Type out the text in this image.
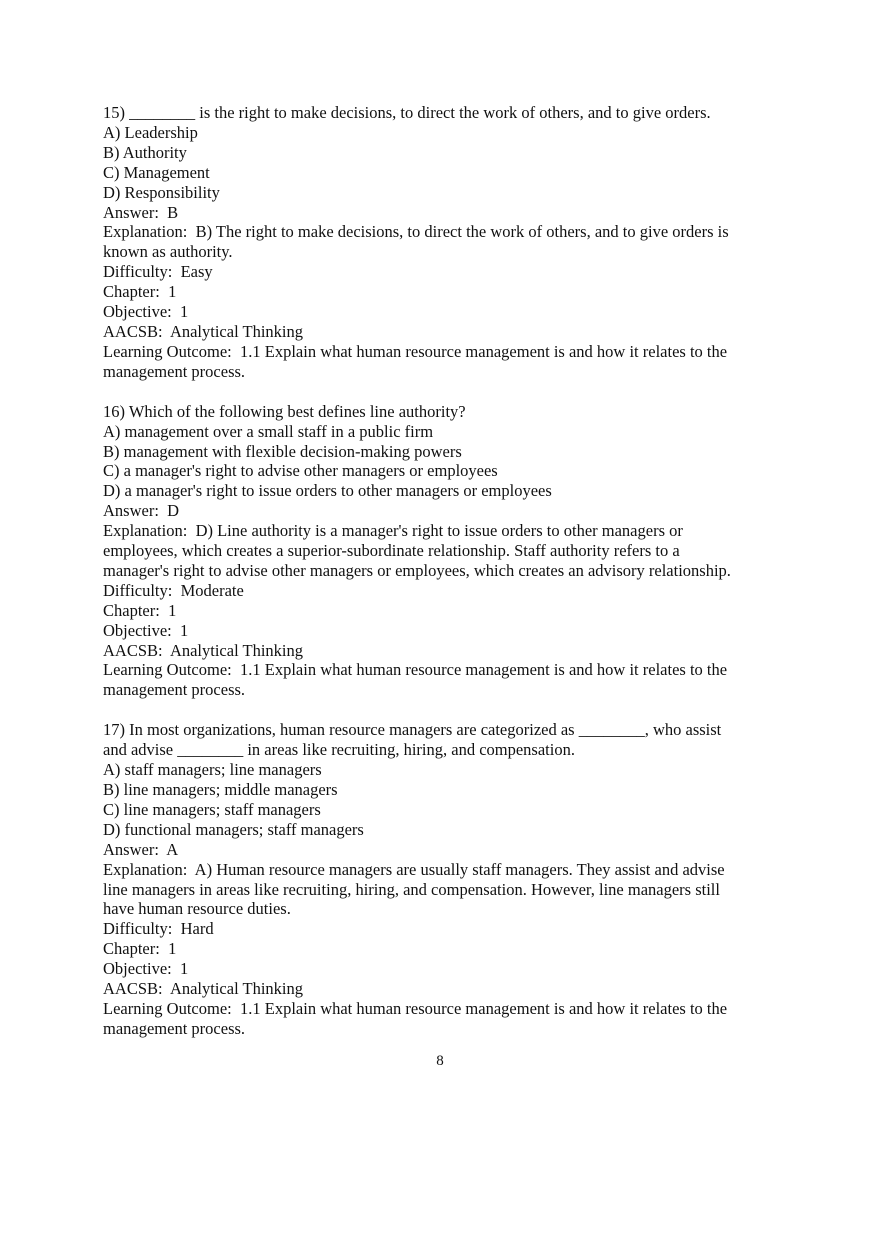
15) ________ is the right to make decisions, to direct the work of others, and to give orders.

A) Leadership

B) Authority

C) Management

D) Responsibility

Answer:  B

Explanation:  B) The right to make decisions, to direct the work of others, and to give orders is

known as authority.

Difficulty:  Easy

Chapter:  1

Objective:  1

AACSB:  Analytical Thinking

Learning Outcome:  1.1 Explain what human resource management is and how it relates to the

management process.

16) Which of the following best defines line authority?

A) management over a small staff in a public firm

B) management with flexible decision-making powers

C) a manager's right to advise other managers or employees

D) a manager's right to issue orders to other managers or employees

Answer:  D

Explanation:  D) Line authority is a manager's right to issue orders to other managers or

employees, which creates a superior-subordinate relationship. Staff authority refers to a

manager's right to advise other managers or employees, which creates an advisory relationship.

Difficulty:  Moderate

Chapter:  1

Objective:  1

AACSB:  Analytical Thinking

Learning Outcome:  1.1 Explain what human resource management is and how it relates to the

management process.

17) In most organizations, human resource managers are categorized as ________, who assist

and advise ________ in areas like recruiting, hiring, and compensation.

A) staff managers; line managers

B) line managers; middle managers

C) line managers; staff managers

D) functional managers; staff managers

Answer:  A

Explanation:  A) Human resource managers are usually staff managers. They assist and advise

line managers in areas like recruiting, hiring, and compensation. However, line managers still

have human resource duties.

Difficulty:  Hard

Chapter:  1

Objective:  1

AACSB:  Analytical Thinking

Learning Outcome:  1.1 Explain what human resource management is and how it relates to the

management process.

8
